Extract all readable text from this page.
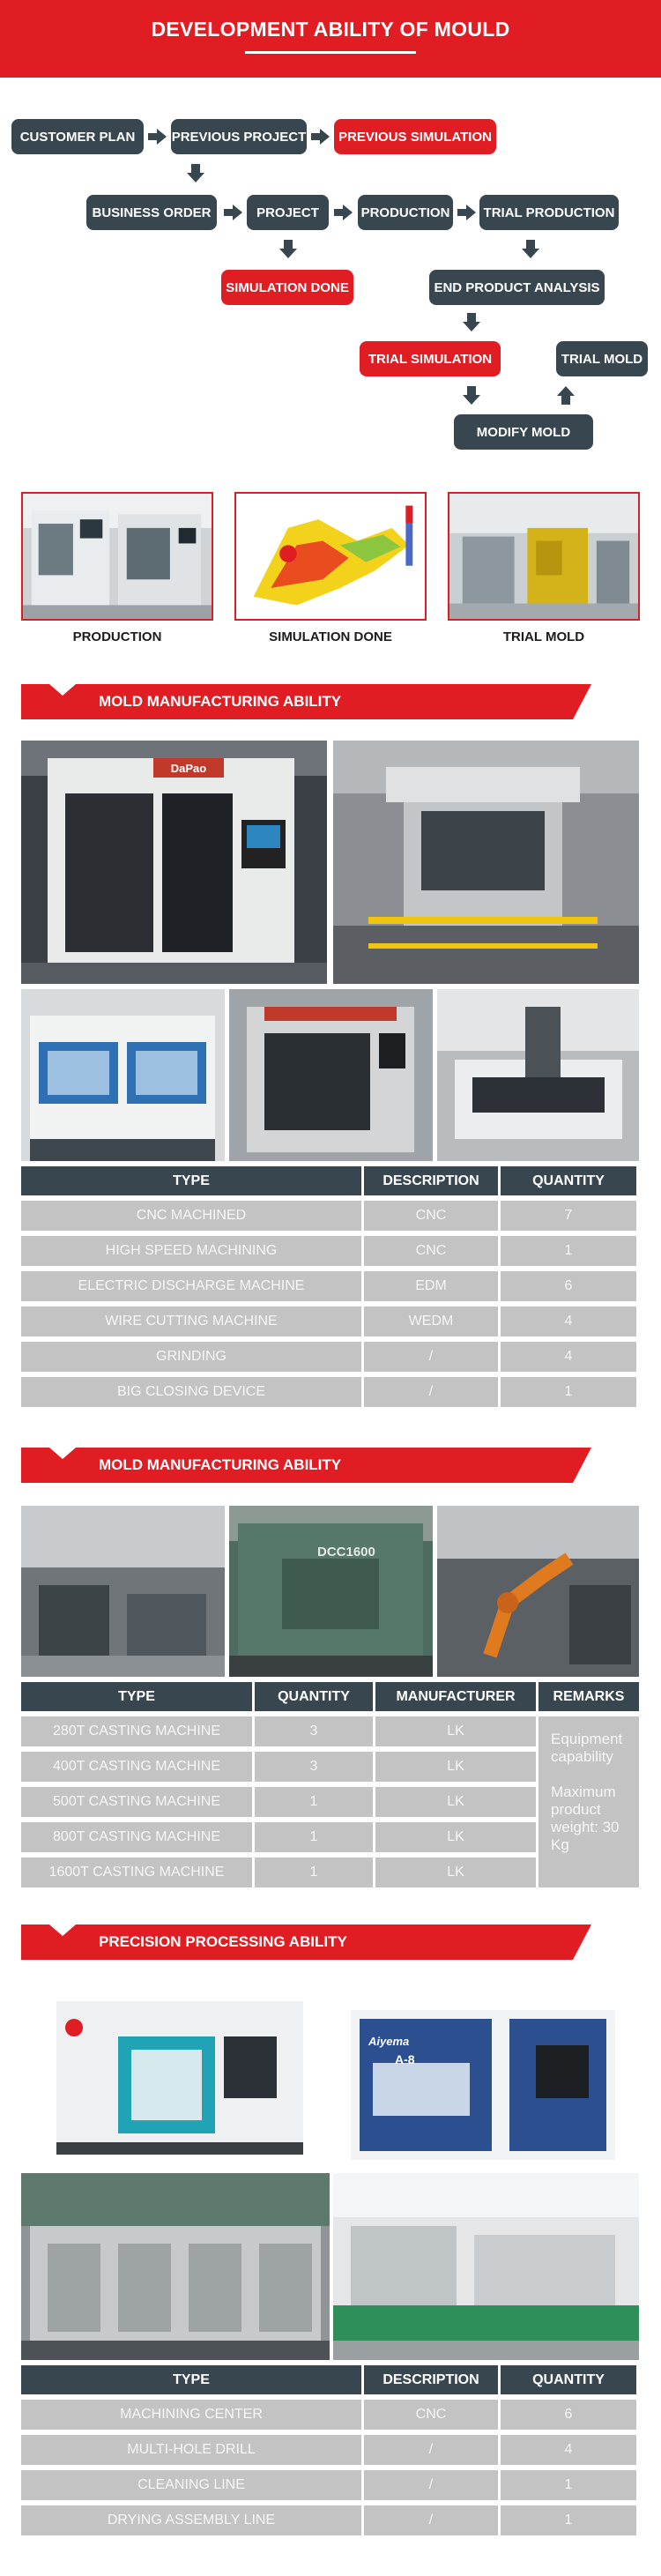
DEVELOPMENT ABILITY OF MOULD
CUSTOMER PLAN	PREVIOUS PROJECT	PREVIOUS SIMULATION
BUSINESS ORDER	PROJECT	PRODUCTION	TRIAL PRODUCTION
SIMULATION DONE	END PRODUCT ANALYSIS
TRIAL SIMULATION	TRIAL MOLD
MODIFY MOLD
PRODUCTION	SIMULATION DONE	TRIAL MOLD
MOLD MANUFACTURING ABILITY
DaPao
TYPE	DESCRIPTION	QUANTITY
CNC MACHINED	CNC	7
HIGH SPEED MACHINING	CNC	1
ELECTRIC DISCHARGE MACHINE	EDM	6
WIRE CUTTING MACHINE	WEDM	4
GRINDING	/	4
BIG CLOSING DEVICE	/	1
MOLD MANUFACTURING ABILITY
DCC1600
TYPE	QUANTITY	MANUFACTURER	REMARKS
280T CASTING MACHINE	3	LK
400T CASTING MACHINE	3	LK
500T CASTING MACHINE	1	LK
800T CASTING MACHINE	1	LK
1600T CASTING MACHINE	1	LK
Equipment capability
Maximum product weight: 30 Kg
PRECISION PROCESSING ABILITY
Aiyema
A-8
TYPE	DESCRIPTION	QUANTITY
MACHINING CENTER	CNC	6
MULTI-HOLE DRILL	/	4
CLEANING LINE	/	1
DRYING ASSEMBLY LINE	/	1
